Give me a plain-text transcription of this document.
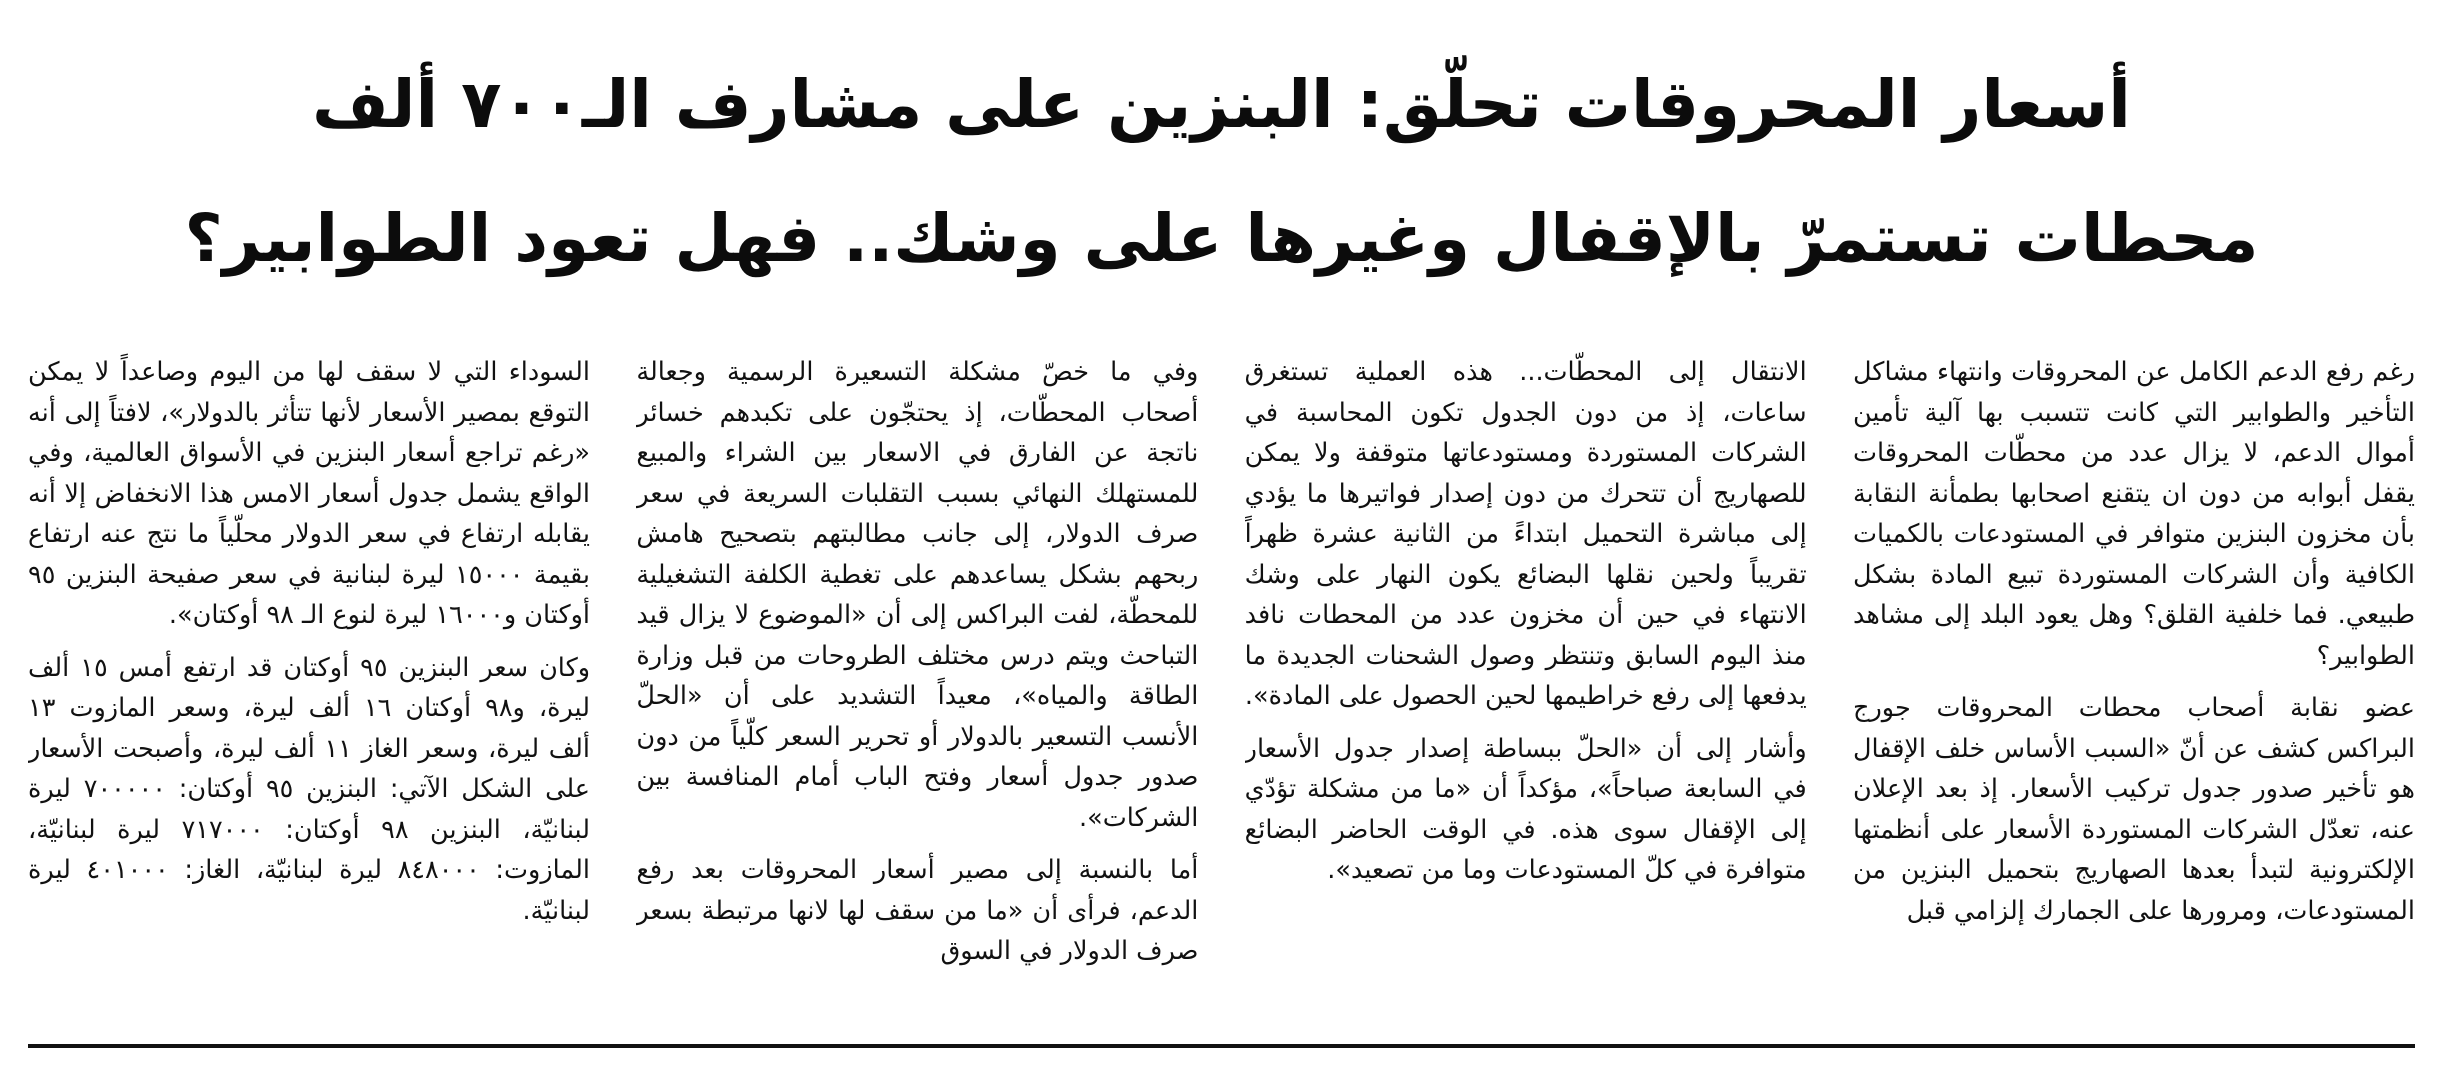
أسعار المحروقات تحلّق: البنزين على مشارف الـ٧٠٠ ألف
محطات تستمرّ بالإقفال وغيرها على وشك.. فهل تعود الطوابير؟

رغم رفع الدعم الكامل عن المحروقات وانتهاء مشاكل التأخير والطوابير التي كانت تتسبب بها آلية تأمين أموال الدعم، لا يزال عدد من محطّات المحروقات يقفل أبوابه من دون ان يتقنع اصحابها بطمأنة النقابة بأن مخزون البنزين متوافر في المستودعات بالكميات الكافية وأن الشركات المستوردة تبيع المادة بشكل طبيعي. فما خلفية القلق؟ وهل يعود البلد إلى مشاهد الطوابير؟

عضو نقابة أصحاب محطات المحروقات جورج البراكس كشف عن أنّ «السبب الأساس خلف الإقفال هو تأخير صدور جدول تركيب الأسعار. إذ بعد الإعلان عنه، تعدّل الشركات المستوردة الأسعار على أنظمتها الإلكترونية لتبدأ بعدها الصهاريج بتحميل البنزين من المستودعات، ومرورها على الجمارك إلزامي قبل

الانتقال إلى المحطّات... هذه العملية تستغرق ساعات، إذ من دون الجدول تكون المحاسبة في الشركات المستوردة ومستودعاتها متوقفة ولا يمكن للصهاريج أن تتحرك من دون إصدار فواتيرها ما يؤدي إلى مباشرة التحميل ابتداءً من الثانية عشرة ظهراً تقريباً ولحين نقلها البضائع يكون النهار على وشك الانتهاء في حين أن مخزون عدد من المحطات نافد منذ اليوم السابق وتنتظر وصول الشحنات الجديدة ما يدفعها إلى رفع خراطيمها لحين الحصول على المادة».

وأشار إلى أن «الحلّ ببساطة إصدار جدول الأسعار في السابعة صباحاً»، مؤكداً أن «ما من مشكلة تؤدّي إلى الإقفال سوى هذه. في الوقت الحاضر البضائع متوافرة في كلّ المستودعات وما من تصعيد».

وفي ما خصّ مشكلة التسعيرة الرسمية وجعالة أصحاب المحطّات، إذ يحتجّون على تكبدهم خسائر ناتجة عن الفارق في الاسعار بين الشراء والمبيع للمستهلك النهائي بسبب التقلبات السريعة في سعر صرف الدولار، إلى جانب مطالبتهم بتصحيح هامش ربحهم بشكل يساعدهم على تغطية الكلفة التشغيلية للمحطّة، لفت البراكس إلى أن «الموضوع لا يزال قيد التباحث ويتم درس مختلف الطروحات من قبل وزارة الطاقة والمياه»، معيداً التشديد على أن «الحلّ الأنسب التسعير بالدولار أو تحرير السعر كلّياً من دون صدور جدول أسعار وفتح الباب أمام المنافسة بين الشركات».

أما بالنسبة إلى مصير أسعار المحروقات بعد رفع الدعم، فرأى أن «ما من سقف لها لانها مرتبطة بسعر صرف الدولار في السوق

السوداء التي لا سقف لها من اليوم وصاعداً لا يمكن التوقع بمصير الأسعار لأنها تتأثر بالدولار»، لافتاً إلى أنه «رغم تراجع أسعار البنزين في الأسواق العالمية، وفي الواقع يشمل جدول أسعار الامس هذا الانخفاض إلا أنه يقابله ارتفاع في سعر الدولار محلّياً ما نتج عنه ارتفاع بقيمة ١٥٠٠٠ ليرة لبنانية في سعر صفيحة البنزين ٩٥ أوكتان و١٦٠٠٠ ليرة لنوع الـ ٩٨ أوكتان».

وكان سعر البنزين ٩٥ أوكتان قد ارتفع أمس ١٥ ألف ليرة، و٩٨ أوكتان ١٦ ألف ليرة، وسعر المازوت ١٣ ألف ليرة، وسعر الغاز ١١ ألف ليرة، وأصبحت الأسعار على الشكل الآتي: البنزين ٩٥ أوكتان: ٧٠٠٠٠٠ ليرة لبنانيّة، البنزين ٩٨ أوكتان: ٧١٧٠٠٠ ليرة لبنانيّة، المازوت: ٨٤٨٠٠٠ ليرة لبنانيّة، الغاز: ٤٠١٠٠٠ ليرة لبنانيّة.
